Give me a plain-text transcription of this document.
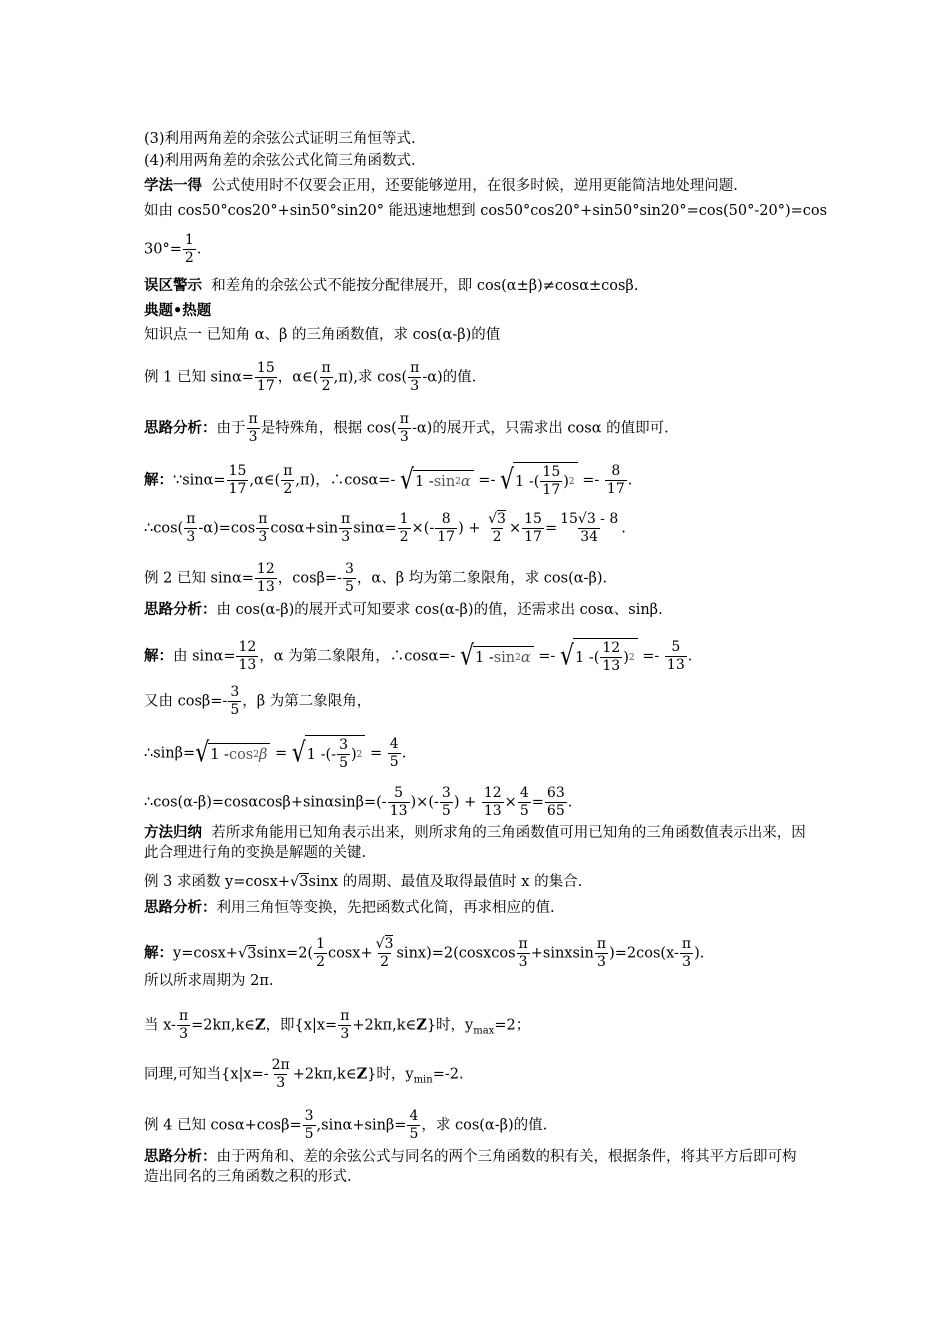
(3)利用两角差的余弦公式证明三角恒等式.
(4)利用两角差的余弦公式化简三角函数式.
学法一得 公式使用时不仅要会正用，还要能够逆用，在很多时候，逆用更能简洁地处理问题.
如由 cos50°cos20°+sin50°sin20° 能迅速地想到 cos50°cos20°+sin50°sin20°=cos(50°-20°)=cos
$30^\circ= \frac{1}{2}$ .
误区警示 和差角的余弦公式不能按分配律展开，即 cos(α±β)≠cosα±cosβ.
典题•热题
知识点一 已知角 α、β 的三角函数值，求 cos(α-β)的值
例 1 已知 $\sin\alpha= \frac{15}{17}$ ，α∈( $\frac{\pi}{2} ,\pi$),求 $\cos( \frac{\pi}{3} -\alpha)$的值.
思路分析：由于 $\frac{\pi}{3}$ 是特殊角，根据 $\cos( \frac{\pi}{3} -\alpha)$的展开式，只需求出 cosα 的值即可.
解：∵sinα= $\frac{15}{17}$ ,α∈( $\frac{\pi}{2} ,\pi$)，∴cosα=- √ 1 - sin 2 α =- √ 1 - ( $\frac{15}{17}$ ) $2 =- \frac{8}{17}$ .
∴cos( $\frac{\pi}{3} -\alpha)=\cos \frac{\pi}{3} \cos\alpha+\sin \frac{\pi}{3} \sin\alpha= \frac{1}{2}$ ×(- $\frac{8}{17}$ ) + $\frac{√3}{2} \times \frac{15}{17} = \frac{15√3 - 8}{34}$ .
例 2 已知 $\sin\alpha= \frac{12}{13}$ ，$\cos\beta=- \frac{3}{5}$ ，α、β 均为第二象限角，求 cos(α-β).
思路分析：由 cos(α-β)的展开式可知要求 cos(α-β)的值，还需求出 cosα、sinβ.
解：由 $\sin\alpha= \frac{12}{13}$ ，α 为第二象限角，∴cosα=- √ 1 - sin 2 α =- √ 1 - ( $\frac{12}{13}$ ) $2 =- \frac{5}{13}$ .
又由 $\cos\beta=- \frac{3}{5}$ ，β 为第二象限角，
∴sinβ= √ 1 - cos 2 β = √ 1 - (- $\frac{3}{5}$ ) $2 = \frac{4}{5}$ .
∴cos(α-β)=cosαcosβ+sinαsinβ=(- $\frac{5}{13}$ )×(- $\frac{3}{5}$ ) + $\frac{12}{13} \times \frac{4}{5} = \frac{63}{65}$ .
方法归纳 若所求角能用已知角表示出来，则所求角的三角函数值可用已知角的三角函数值表示出来，因此合理进行角的变换是解题的关键.
例 3 求函数 y=cosx+√3sinx 的周期、最值及取得最值时 x 的集合.
思路分析：利用三角恒等变换，先把函数式化简，再求相应的值.
解：$y=\cos x+√3\sin x=2( \frac{1}{2} \cos x+ \frac{√3}{2}$ sinx)=2(cosxcos $\frac{\pi}{3}$ +sinxsin $\frac{\pi}{3} )=2\cos(x- \frac{\pi}{3}$ ).
所以所求周期为 2π.
当 $x- \frac{\pi}{3}$ =2kπ,k∈Z，即{$x|x= \frac{\pi}{3}$ +2kπ,k∈Z}时，$y_{max}=2$；
同理,可知当{$x|x=- \frac{2\pi}{3}$ +2kπ,k∈Z}时，$y_{min}=-2$.
例 4 已知 $\cos\alpha+\cos\beta= \frac{3}{5} ,\sin\alpha+\sin\beta= \frac{4}{5}$ ，求 cos(α-β)的值.
思路分析：由于两角和、差的余弦公式与同名的两个三角函数的积有关，根据条件，将其平方后即可构造出同名的三角函数之积的形式.
